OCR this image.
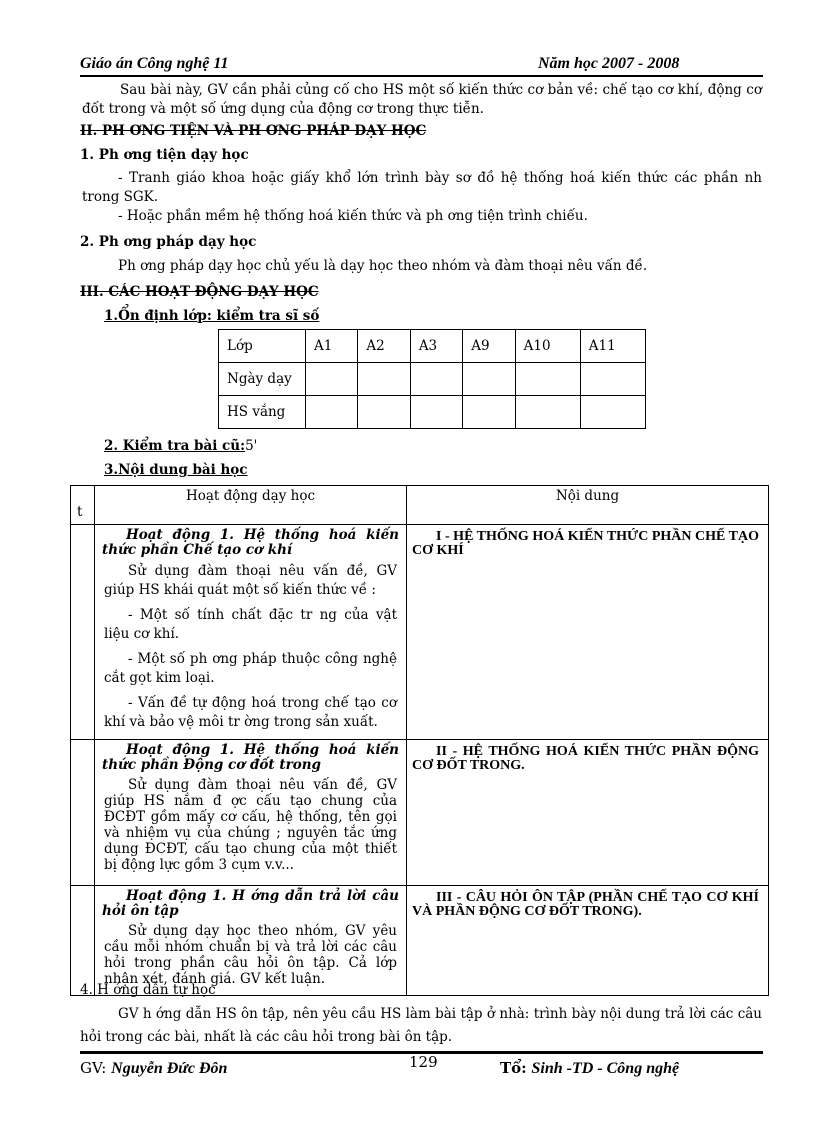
Giáo án Công nghệ 11	Năm học 2007 - 2008
Sau bài này, GV cần phải củng cố cho HS một số kiến thức cơ bản về: chế tạo cơ khí, động cơ đốt trong và một số ứng dụng của động cơ trong thực tiễn.
II. PH ƠNG TIỆN VÀ PH ƠNG PHÁP DẠY HỌC
1. Ph ơng tiện dạy học
- Tranh giáo khoa hoặc giấy khổ lớn trình bày sơ đồ hệ thống hoá kiến thức các phần nh trong SGK.
- Hoặc phần mềm hệ thống hoá kiến thức và ph ơng tiện trình chiếu.
2. Ph ơng pháp dạy học
Ph ơng pháp dạy học chủ yếu là dạy học theo nhóm và đàm thoại nêu vấn đề.
III. CÁC HOẠT ĐỘNG DẠY HỌC
1.Ổn định lớp: kiểm tra sĩ số
Lớp	A1	A2	A3	A9	A10	A11
Ngày dạy						
HS vắng						
2. Kiểm tra bài cũ:5'
3.Nội dung bài học
t	Hoạt động dạy học	Nội dung

	Hoạt động 1. Hệ thống hoá kiến thức phần Chế tạo cơ khí
Sử dụng đàm thoại nêu vấn đề, GV giúp HS khái quát một số kiến thức về :
- Một số tính chất đặc tr ng của vật liệu cơ khí.
- Một số ph ơng pháp thuộc công nghệ cắt gọt kim loại.
- Vấn đề tự động hoá trong chế tạo cơ khí và bảo vệ môi tr ờng trong sản xuất.	I - HỆ THỐNG HOÁ KIẾN THỨC PHẦN CHẾ TẠO CƠ KHÍ

	Hoạt động 1. Hệ thống hoá kiến thức phần Động cơ đốt trong
Sử dụng đàm thoại nêu vấn đề, GV giúp HS nắm đ ợc cấu tạo chung của ĐCĐT gồm mấy cơ cấu, hệ thống, tên gọi và nhiệm vụ của chúng ; nguyên tắc ứng dụng ĐCĐT, cấu tạo chung của một thiết bị động lực gồm 3 cụm v.v...	II - HỆ THỐNG HOÁ KIẾN THỨC PHẦN ĐỘNG CƠ ĐỐT TRONG.

	Hoạt động 1. H ớng dẫn trả lời câu hỏi ôn tập
Sử dụng dạy học theo nhóm, GV yêu cầu mỗi nhóm chuẩn bị và trả lời các câu hỏi trong phần câu hỏi ôn tập. Cả lớp nhận xét, đánh giá. GV kết luận.	III - CÂU HỎI ÔN TẬP (PHẦN CHẾ TẠO CƠ KHÍ VÀ PHẦN ĐỘNG CƠ ĐỐT TRONG).
4. H ớng dẫn tự học
GV h ớng dẫn HS ôn tập, nên yêu cầu HS làm bài tập ở nhà: trình bày nội dung trả lời các câu hỏi trong các bài, nhất là các câu hỏi trong bài ôn tập.
GV: Nguyễn Đức Đôn	129	Tổ: Sinh -TD - Công nghệ
